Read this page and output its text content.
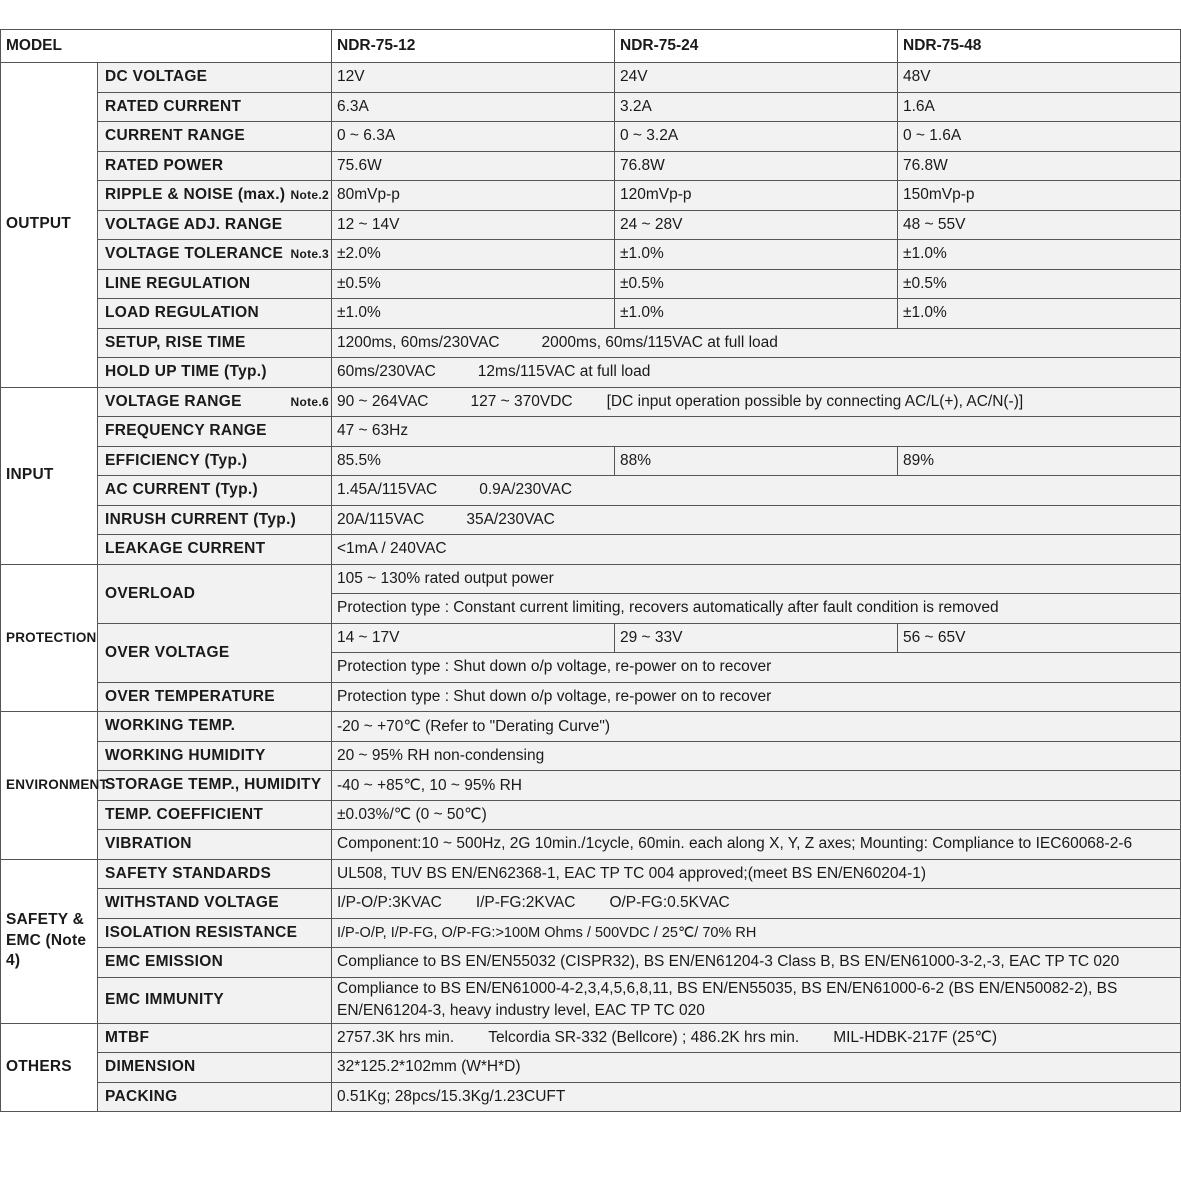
MODEL		NDR-75-12	NDR-75-24	NDR-75-48
OUTPUT	DC VOLTAGE	12V	24V	48V
	RATED CURRENT	6.3A	3.2A	1.6A
	CURRENT RANGE	0 ~ 6.3A	0 ~ 3.2A	0 ~ 1.6A
	RATED POWER	75.6W	76.8W	76.8W
	RIPPLE & NOISE (max.) Note.2	80mVp-p	120mVp-p	150mVp-p
	VOLTAGE ADJ. RANGE	12 ~ 14V	24 ~ 28V	48 ~ 55V
	VOLTAGE TOLERANCE Note.3	±2.0%	±1.0%	±1.0%
	LINE REGULATION	±0.5%	±0.5%	±0.5%
	LOAD REGULATION	±1.0%	±1.0%	±1.0%
	SETUP, RISE TIME	1200ms, 60ms/230VAC 2000ms, 60ms/115VAC at full load		
	HOLD UP TIME (Typ.)	60ms/230VAC 12ms/115VAC at full load		
INPUT	VOLTAGE RANGE Note.6	90 ~ 264VAC 127 ~ 370VDC [DC input operation possible by connecting AC/L(+), AC/N(-)]		
	FREQUENCY RANGE	47 ~ 63Hz		
	EFFICIENCY (Typ.)	85.5%	88%	89%
	AC CURRENT (Typ.)	1.45A/115VAC 0.9A/230VAC		
	INRUSH CURRENT (Typ.)	20A/115VAC 35A/230VAC		
	LEAKAGE CURRENT	<1mA / 240VAC		
PROTECTION	OVERLOAD	105 ~ 130% rated output power		
		Protection type : Constant current limiting, recovers automatically after fault condition is removed		
	OVER VOLTAGE	14 ~ 17V	29 ~ 33V	56 ~ 65V
		Protection type : Shut down o/p voltage, re-power on to recover		
	OVER TEMPERATURE	Protection type : Shut down o/p voltage, re-power on to recover		
ENVIRONMENT	WORKING TEMP.	-20 ~ +70℃ (Refer to "Derating Curve")		
	WORKING HUMIDITY	20 ~ 95% RH non-condensing		
	STORAGE TEMP., HUMIDITY	-40 ~ +85℃, 10 ~ 95% RH		
	TEMP. COEFFICIENT	±0.03%/℃ (0 ~ 50℃)		
	VIBRATION	Component:10 ~ 500Hz, 2G 10min./1cycle, 60min. each along X, Y, Z axes; Mounting: Compliance to IEC60068-2-6		
SAFETY & EMC (Note 4)	SAFETY STANDARDS	UL508, TUV BS EN/EN62368-1, EAC TP TC 004 approved;(meet BS EN/EN60204-1)		
	WITHSTAND VOLTAGE	I/P-O/P:3KVAC I/P-FG:2KVAC O/P-FG:0.5KVAC		
	ISOLATION RESISTANCE	I/P-O/P, I/P-FG, O/P-FG:>100M Ohms / 500VDC / 25℃/ 70% RH		
	EMC EMISSION	Compliance to BS EN/EN55032 (CISPR32), BS EN/EN61204-3 Class B, BS EN/EN61000-3-2,-3, EAC TP TC 020		
	EMC IMMUNITY	Compliance to BS EN/EN61000-4-2,3,4,5,6,8,11, BS EN/EN55035, BS EN/EN61000-6-2 (BS EN/EN50082-2), BS EN/EN61204-3, heavy industry level, EAC TP TC 020		
OTHERS	MTBF	2757.3K hrs min. Telcordia SR-332 (Bellcore) ; 486.2K hrs min. MIL-HDBK-217F (25℃)		
	DIMENSION	32*125.2*102mm (W*H*D)		
	PACKING	0.51Kg; 28pcs/15.3Kg/1.23CUFT		
